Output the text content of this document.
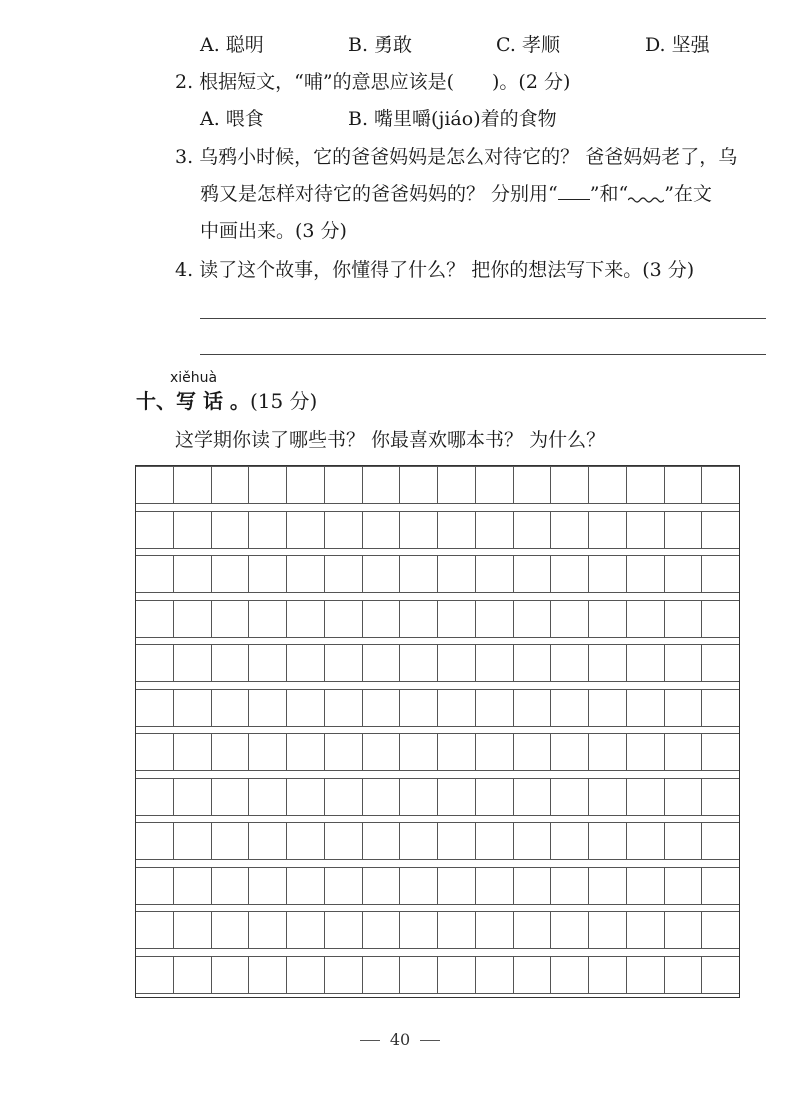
A. 聪明	B. 勇敢	C. 孝顺	D. 坚强
2. 根据短文，“哺”的意思应该是( )。(2 分)
A. 喂食	B. 嘴里嚼(jiáo)着的食物
3. 乌鸦小时候，它的爸爸妈妈是怎么对待它的？ 爸爸妈妈老了，乌
鸦又是怎样对待它的爸爸妈妈的？ 分别用“ ”和“ ”在文
中画出来。(3 分)
4. 读了这个故事，你懂得了什么？ 把你的想法写下来。(3 分)
xiěhuà
十、写 话 。(15 分)
这学期你读了哪些书？ 你最喜欢哪本书？ 为什么？
40
